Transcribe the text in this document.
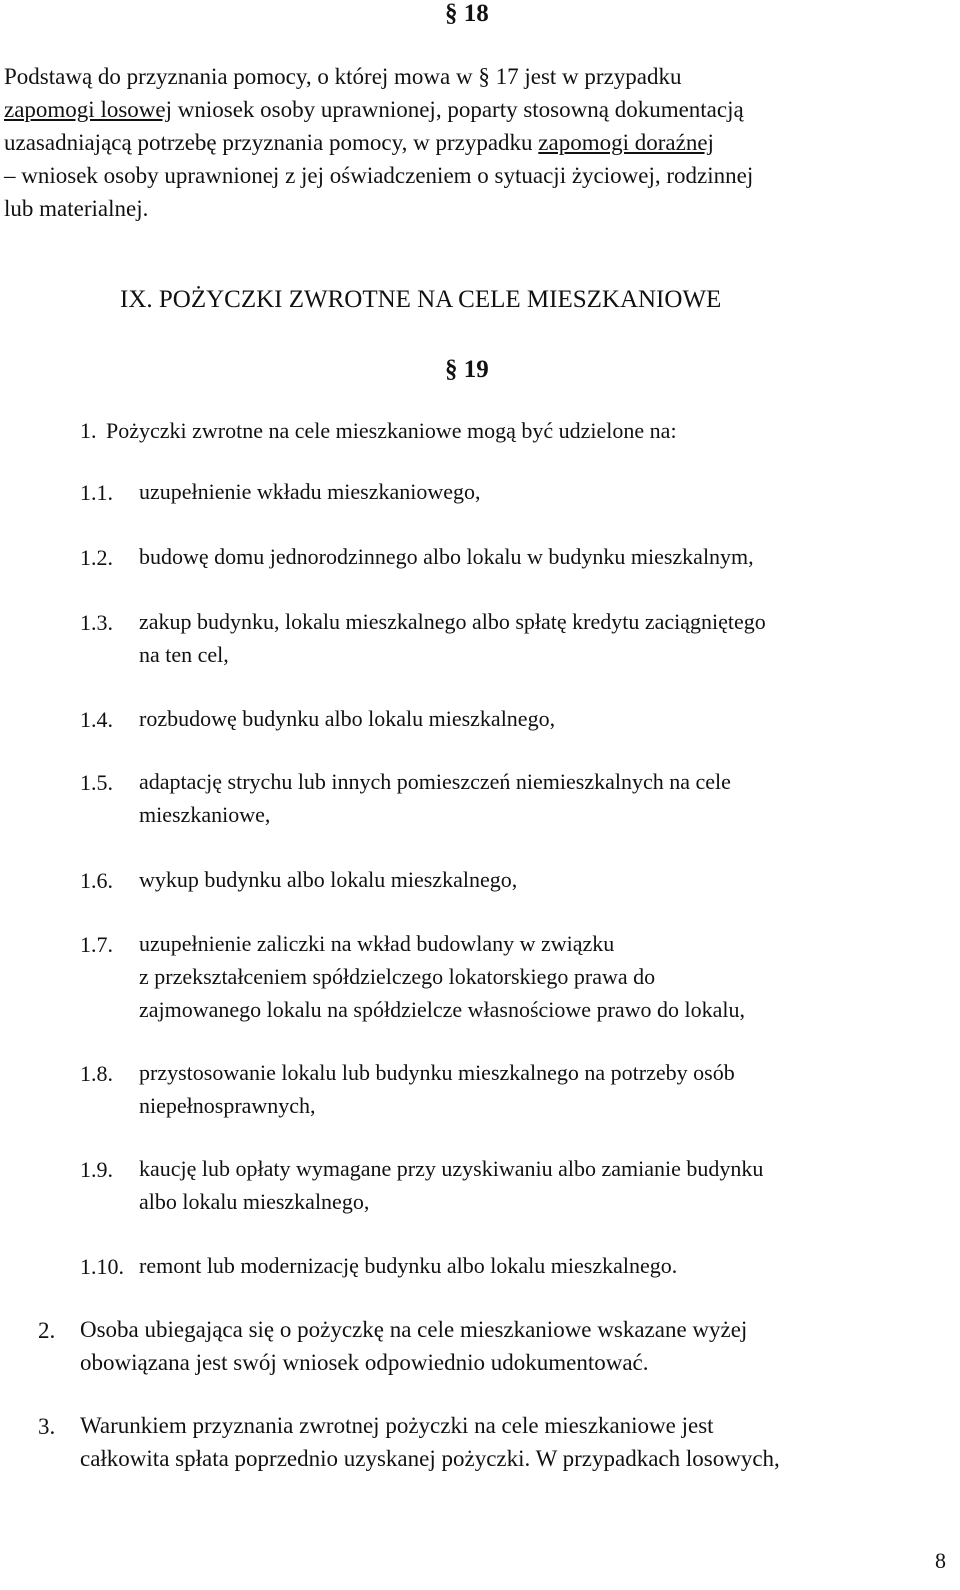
§ 18
Podstawą do przyznania pomocy, o której mowa w § 17 jest w przypadku
zapomogi losowej wniosek osoby uprawnionej, poparty stosowną dokumentacją
uzasadniającą potrzebę przyznania pomocy, w przypadku zapomogi doraźnej
– wniosek osoby uprawnionej z jej oświadczeniem o sytuacji życiowej, rodzinnej
lub materialnej.
IX. POŻYCZKI ZWROTNE NA CELE MIESZKANIOWE
§ 19
1. Pożyczki zwrotne na cele mieszkaniowe mogą być udzielone na:
1.1. uzupełnienie wkładu mieszkaniowego,
1.2. budowę domu jednorodzinnego albo lokalu w budynku mieszkalnym,
1.3. zakup budynku, lokalu mieszkalnego albo spłatę kredytu zaciągniętego
na ten cel,
1.4. rozbudowę budynku albo lokalu mieszkalnego,
1.5. adaptację strychu lub innych pomieszczeń niemieszkalnych na cele
mieszkaniowe,
1.6. wykup budynku albo lokalu mieszkalnego,
1.7. uzupełnienie zaliczki na wkład budowlany w związku
z przekształceniem spółdzielczego lokatorskiego prawa do
zajmowanego lokalu na spółdzielcze własnościowe prawo do lokalu,
1.8. przystosowanie lokalu lub budynku mieszkalnego na potrzeby osób
niepełnosprawnych,
1.9. kaucję lub opłaty wymagane przy uzyskiwaniu albo zamianie budynku
albo lokalu mieszkalnego,
1.10. remont lub modernizację budynku albo lokalu mieszkalnego.
2. Osoba ubiegająca się o pożyczkę na cele mieszkaniowe wskazane wyżej
obowiązana jest swój wniosek odpowiednio udokumentować.
3. Warunkiem przyznania zwrotnej pożyczki na cele mieszkaniowe jest
całkowita spłata poprzednio uzyskanej pożyczki. W przypadkach losowych,
8
